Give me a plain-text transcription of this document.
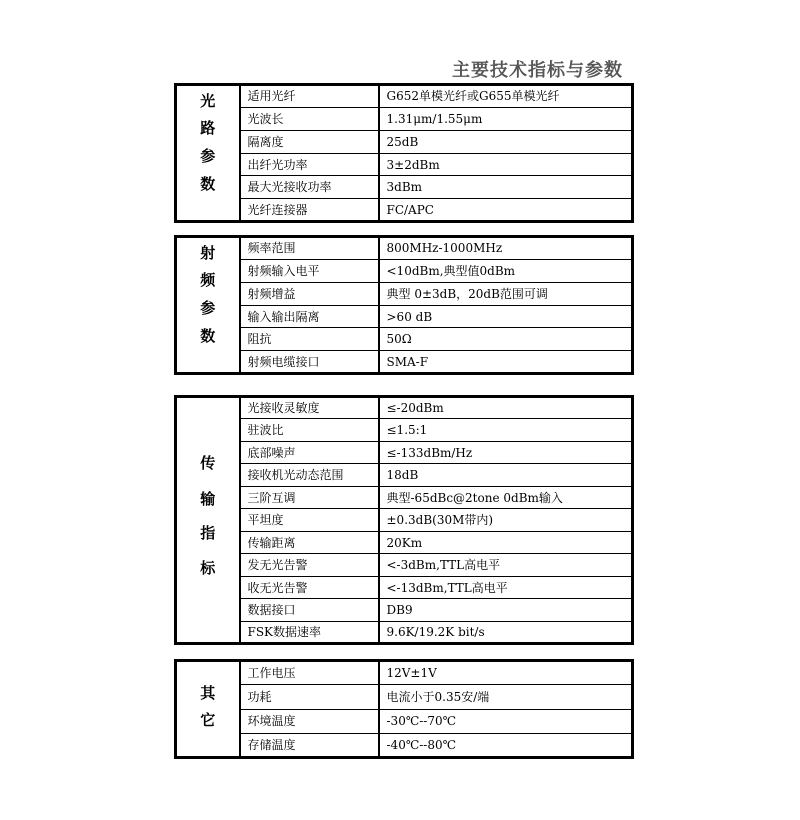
主要技术指标与参数
光
路
参
数	适用光纤	G652单模光纤或G655单模光纤
	光波长	1.31μm/1.55μm
	隔离度	25dB
	出纤光功率	3±2dBm
	最大光接收功率	3dBm
	光纤连接器	FC/APC
射
频
参
数	频率范围	800MHz-1000MHz
	射频输入电平	<10dBm,典型值0dBm
	射频增益	典型 0±3dB，20dB范围可调
	输入输出隔离	>60 dB
	阻抗	50Ω
	射频电缆接口	SMA-F
传
输
指
标	光接收灵敏度	≤-20dBm
	驻波比	≤1.5:1
	底部噪声	≤-133dBm/Hz
	接收机光动态范围	18dB
	三阶互调	典型-65dBc@2tone 0dBm输入
	平坦度	±0.3dB(30M带内)
	传输距离	20Km
	发无光告警	<-3dBm,TTL高电平
	收无光告警	<-13dBm,TTL高电平
	数据接口	DB9
	FSK数据速率	9.6K/19.2K bit/s
其
它	工作电压	12V±1V
	功耗	电流小于0.35安/端
	环境温度	-30℃--70℃
	存储温度	-40℃--80℃
